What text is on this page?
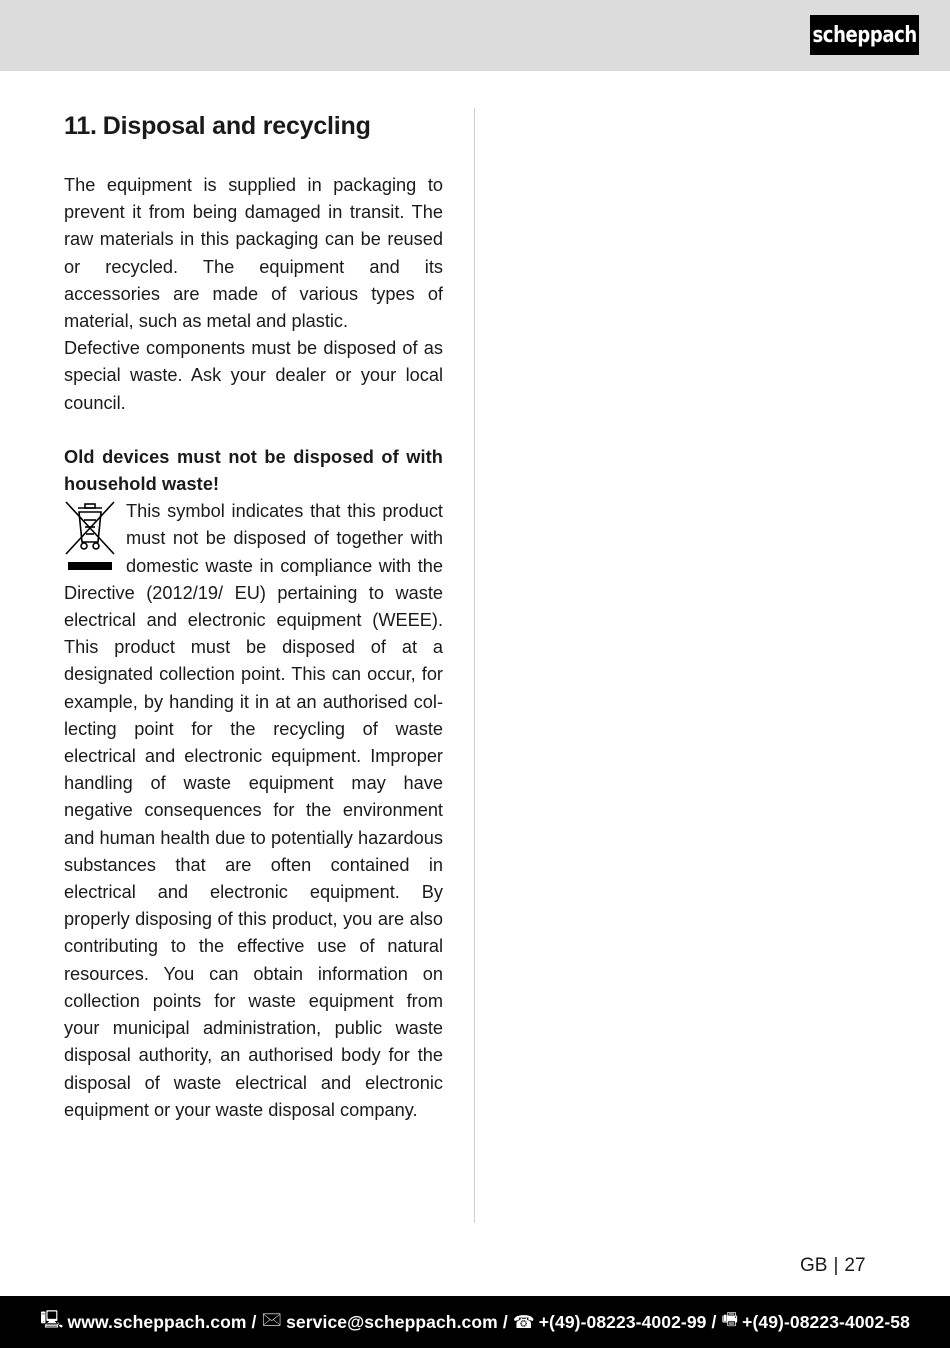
scheppach
11. Disposal and recycling

The equipment is supplied in packaging to prevent it from being damaged in transit. The raw materials in this packaging can be reused or recycled. The equipment and its accessories are made of various types of material, such as metal and plastic.

Defective components must be disposed of as special waste. Ask your dealer or your local council.

Old devices must not be disposed of with household waste!

This symbol indicates that this product must not be disposed of together with domestic waste in compliance with the Directive (2012/19/ EU) pertaining to waste electrical and electronic equipment (WEEE). This product must be disposed of at a designated collection point. This can occur, for example, by handing it in at an authorised collecting point for the recycling of waste electrical and electronic equipment. Improper handling of waste equipment may have negative consequences for the environment and human health due to potentially hazardous substances that are often contained in electrical and electronic equipment. By properly disposing of this product, you are also contributing to the effective use of natural resources. You can obtain information on collection points for waste equipment from your municipal administration, public waste disposal authority, an authorised body for the disposal of waste electrical and electronic equipment or your waste disposal company.

GB | 27
🖳 www.scheppach.com / 🖂 service@scheppach.com / ☎ +(49)-08223-4002-99 / 🖷 +(49)-08223-4002-58
